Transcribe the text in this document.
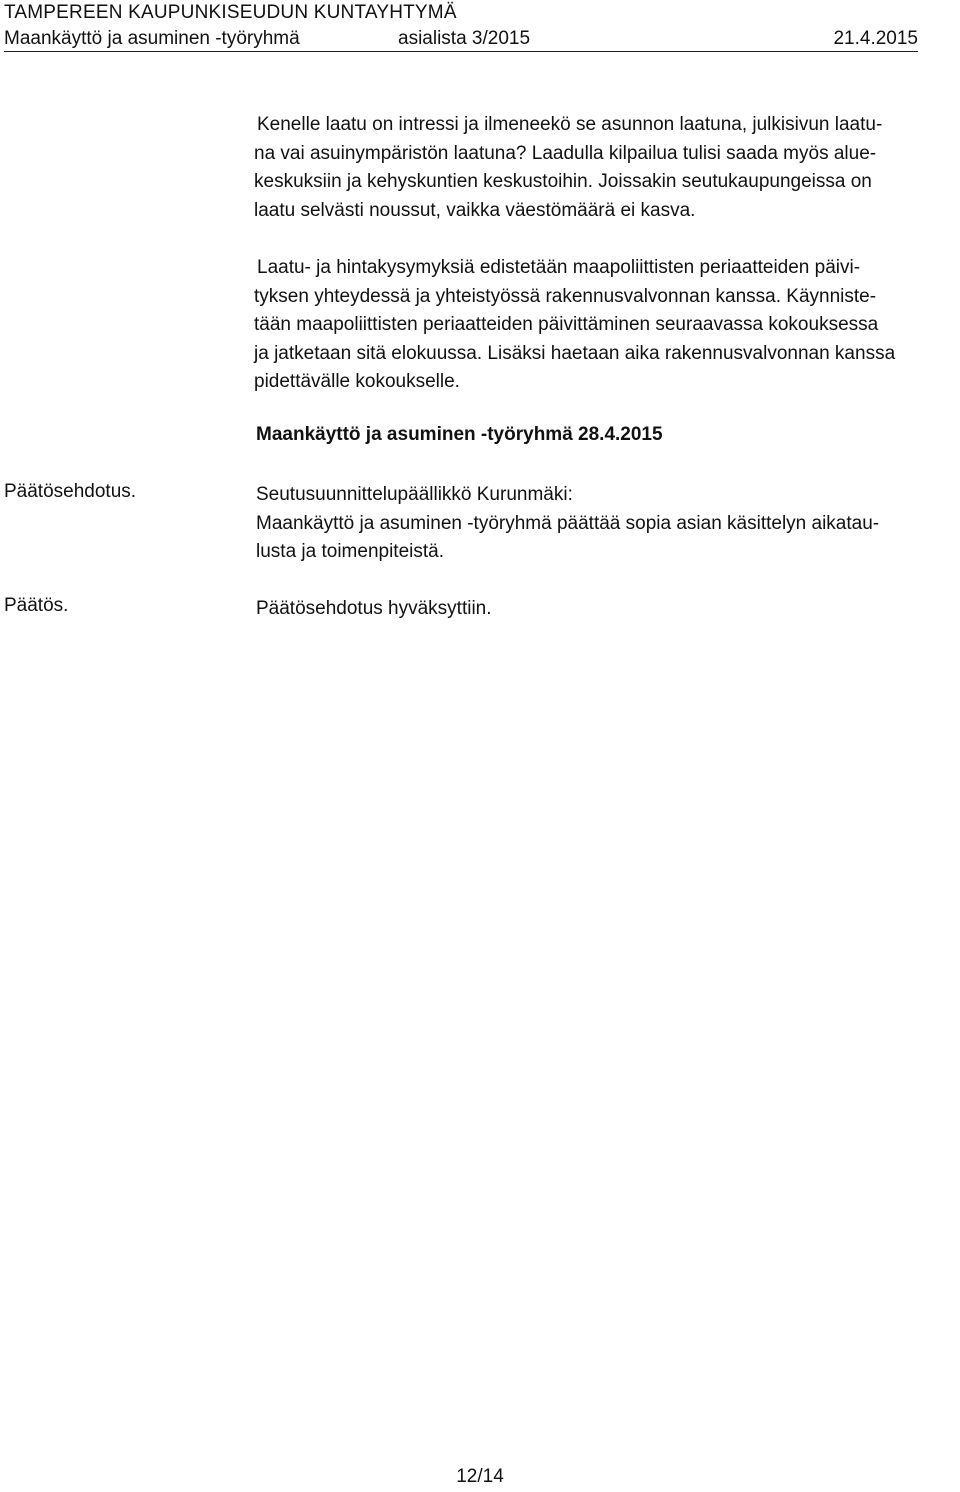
TAMPEREEN KAUPUNKISEUDUN KUNTAYHTYMÄ
Maankäyttö ja asuminen -työryhmä	asialista 3/2015	21.4.2015
Kenelle laatu on intressi ja ilmeneekö se asunnon laatuna, julkisivun laatu-
na vai asuinympäristön laatuna? Laadulla kilpailua tulisi saada myös alue-
keskuksiin ja kehyskuntien keskustoihin. Joissakin seutukaupungeissa on
laatu selvästi noussut, vaikka väestömäärä ei kasva.
Laatu- ja hintakysymyksiä edistetään maapoliittisten periaatteiden päivi-
tyksen yhteydessä ja yhteistyössä rakennusvalvonnan kanssa. Käynniste-
tään maapoliittisten periaatteiden päivittäminen seuraavassa kokouksessa
ja jatketaan sitä elokuussa. Lisäksi haetaan aika rakennusvalvonnan kanssa
pidettävälle kokoukselle.
Maankäyttö ja asuminen -työryhmä 28.4.2015
Päätösehdotus.	Seutusuunnittelupäällikkö Kurunmäki:
Maankäyttö ja asuminen -työryhmä päättää sopia asian käsittelyn aikatau-
lusta ja toimenpiteistä.
Päätös.	Päätösehdotus hyväksyttiin.
12/14
